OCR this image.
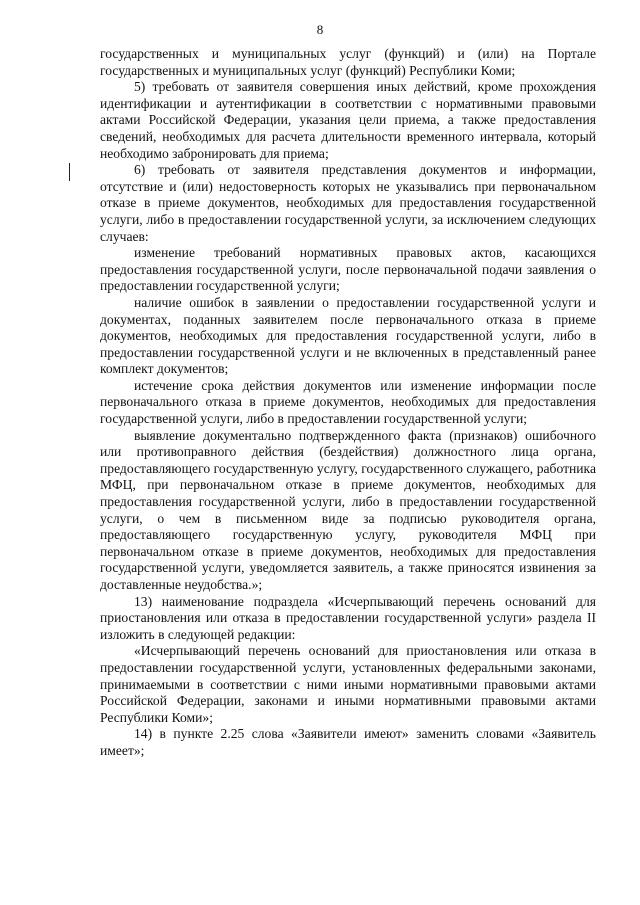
8

государственных и муниципальных услуг (функций) и (или) на Портале государственных и муниципальных услуг (функций) Республики Коми;

5) требовать от заявителя совершения иных действий, кроме прохождения идентификации и аутентификации в соответствии с нормативными правовыми актами Российской Федерации, указания цели приема, а также предоставления сведений, необходимых для расчета длительности временного интервала, который необходимо забронировать для приема;

6) требовать от заявителя представления документов и информации, отсутствие и (или) недостоверность которых не указывались при первоначальном отказе в приеме документов, необходимых для предоставления государственной услуги, либо в предоставлении государственной услуги, за исключением следующих случаев:

изменение требований нормативных правовых актов, касающихся предоставления государственной услуги, после первоначальной подачи заявления о предоставлении государственной услуги;

наличие ошибок в заявлении о предоставлении государственной услуги и документах, поданных заявителем после первоначального отказа в приеме документов, необходимых для предоставления государственной услуги, либо в предоставлении государственной услуги и не включенных в представленный ранее комплект документов;

истечение срока действия документов или изменение информации после первоначального отказа в приеме документов, необходимых для предоставления государственной услуги, либо в предоставлении государственной услуги;

выявление документально подтвержденного факта (признаков) ошибочного или противоправного действия (бездействия) должностного лица органа, предоставляющего государственную услугу, государственного служащего, работника МФЦ, при первоначальном отказе в приеме документов, необходимых для предоставления государственной услуги, либо в предоставлении государственной услуги, о чем в письменном виде за подписью руководителя органа, предоставляющего государственную услугу, руководителя МФЦ при первоначальном отказе в приеме документов, необходимых для предоставления государственной услуги, уведомляется заявитель, а также приносятся извинения за доставленные неудобства.»;

13) наименование подраздела «Исчерпывающий перечень оснований для приостановления или отказа в предоставлении государственной услуги» раздела II изложить в следующей редакции:

«Исчерпывающий перечень оснований для приостановления или отказа в предоставлении государственной услуги, установленных федеральными законами, принимаемыми в соответствии с ними иными нормативными правовыми актами Российской Федерации, законами и иными нормативными правовыми актами Республики Коми»;

14) в пункте 2.25 слова «Заявители имеют» заменить словами «Заявитель имеет»;
